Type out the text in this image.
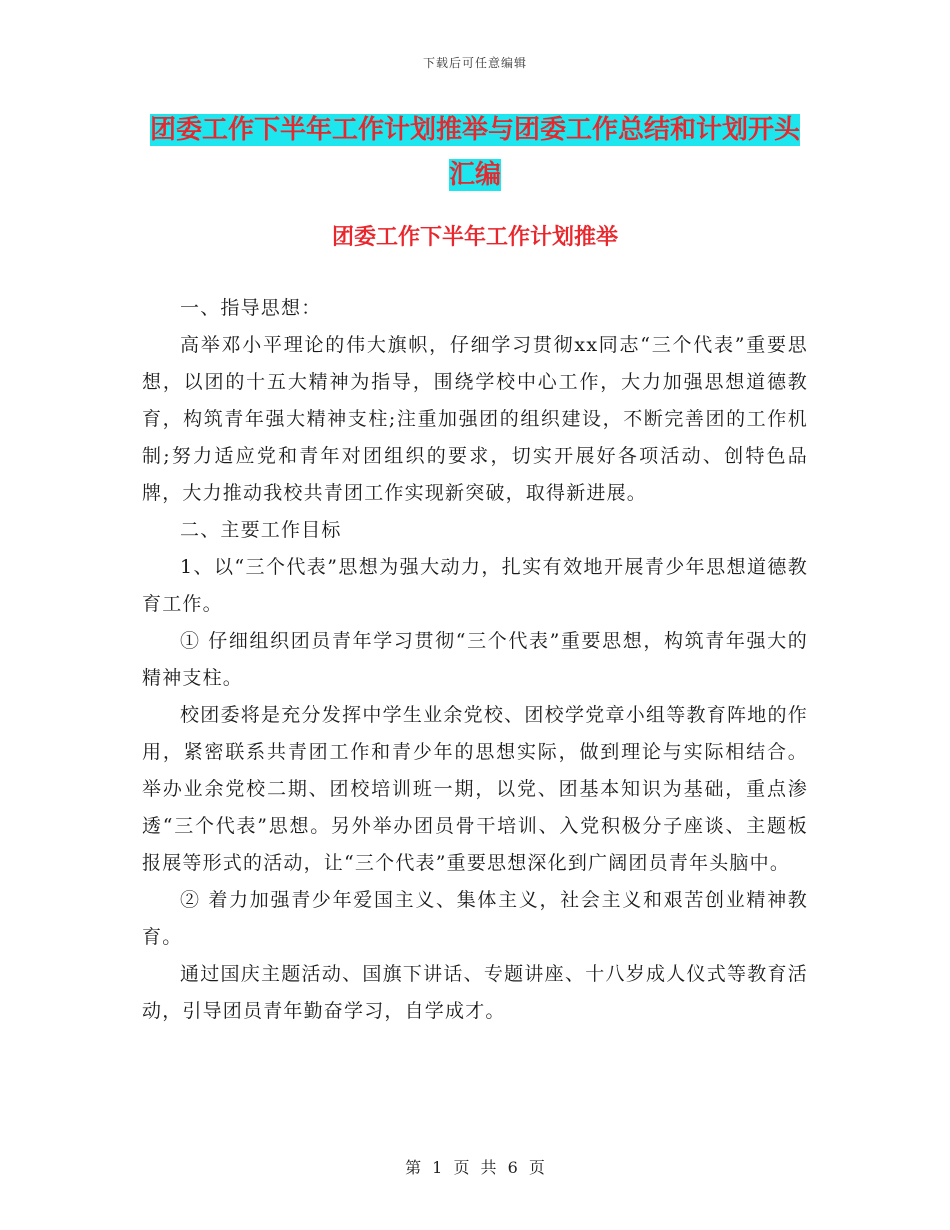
下载后可任意编辑
团委工作下半年工作计划推举与团委工作总结和计划开头汇编
团委工作下半年工作计划推举

一、指导思想：

高举邓小平理论的伟大旗帜，仔细学习贯彻xx同志“三个代表”重要思想，以团的十五大精神为指导，围绕学校中心工作，大力加强思想道德教育，构筑青年强大精神支柱;注重加强团的组织建设，不断完善团的工作机制;努力适应党和青年对团组织的要求，切实开展好各项活动、创特色品牌，大力推动我校共青团工作实现新突破，取得新进展。

二、主要工作目标

1、以“三个代表”思想为强大动力，扎实有效地开展青少年思想道德教育工作。

① 仔细组织团员青年学习贯彻“三个代表”重要思想，构筑青年强大的精神支柱。

校团委将是充分发挥中学生业余党校、团校学党章小组等教育阵地的作用，紧密联系共青团工作和青少年的思想实际，做到理论与实际相结合。举办业余党校二期、团校培训班一期，以党、团基本知识为基础，重点渗透“三个代表”思想。另外举办团员骨干培训、入党积极分子座谈、主题板报展等形式的活动，让“三个代表”重要思想深化到广阔团员青年头脑中。

② 着力加强青少年爱国主义、集体主义，社会主义和艰苦创业精神教育。

通过国庆主题活动、国旗下讲话、专题讲座、十八岁成人仪式等教育活动，引导团员青年勤奋学习，自学成才。

第 1 页 共 6 页
